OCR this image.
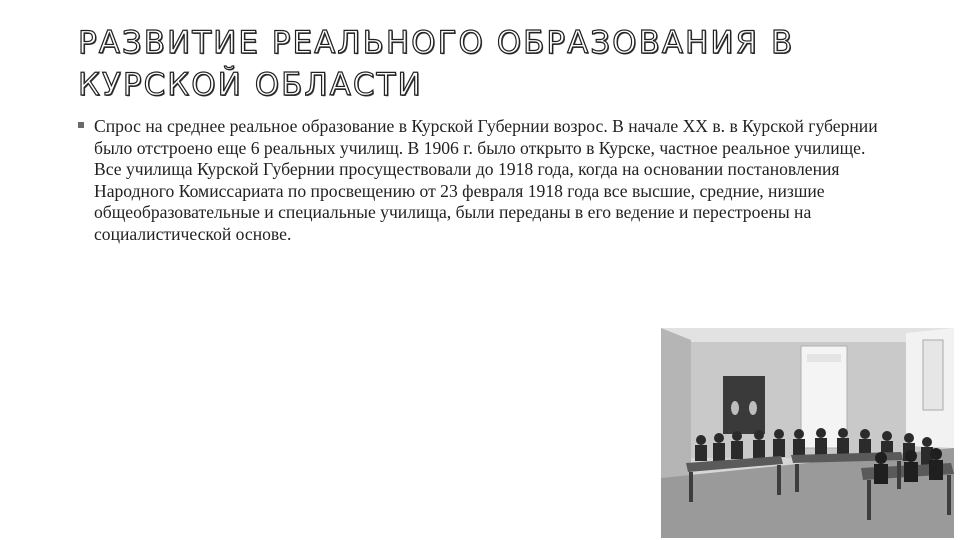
РАЗВИТИЕ РЕАЛЬНОГО ОБРАЗОВАНИЯ В КУРСКОЙ ОБЛАСТИ

Спрос на среднее реальное образование в Курской Губернии возрос. В начале ХХ в. в Курской губернии было отстроено еще 6 реальных училищ. В 1906 г. было открыто в Курске, частное реальное училище. Все училища Курской Губернии просуществовали до 1918 года, когда на основании постановления Народного Комиссариата по просвещению от 23 февраля 1918 года все высшие, средние, низшие общеобразовательные и специальные училища, были переданы в его ведение и перестроены на социалистической основе.
